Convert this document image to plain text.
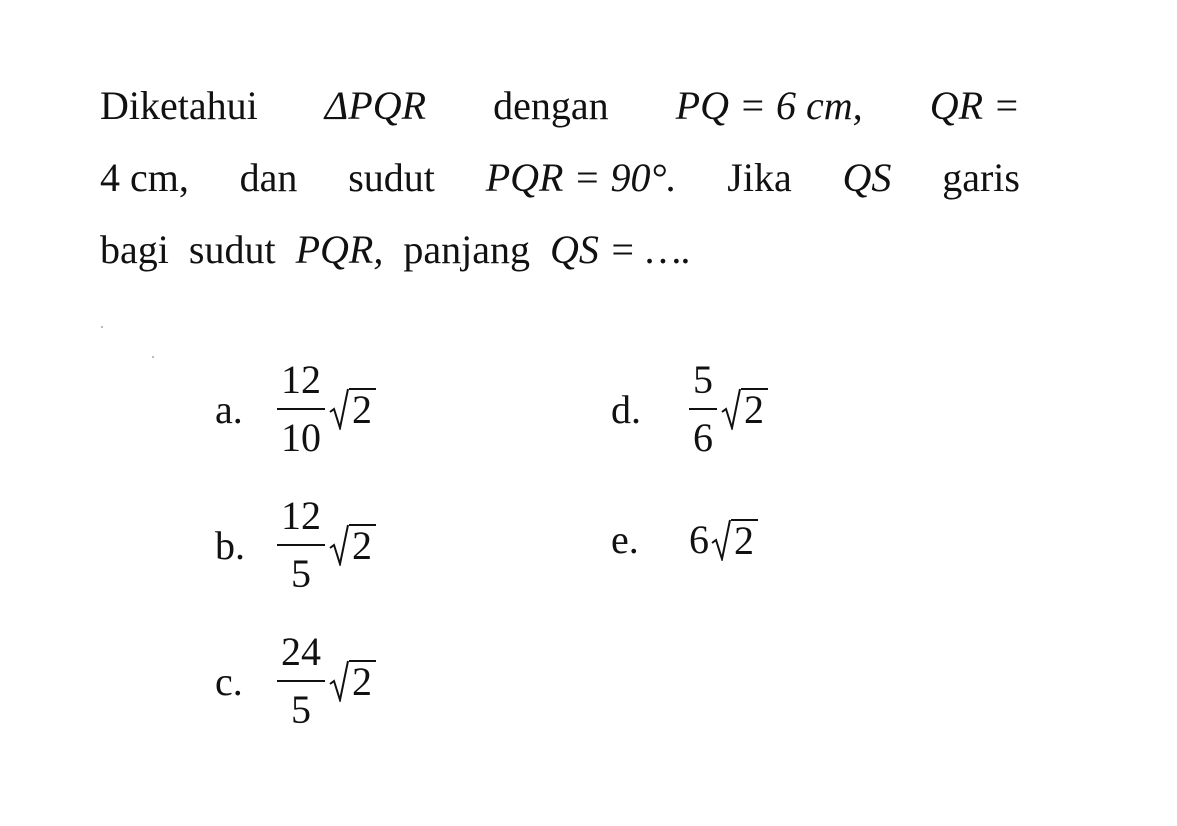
Diketahui ΔPQR dengan PQ = 6 cm, QR =
4 cm, dan sudut PQR = 90°. Jika QS garis
bagi sudut PQR, panjang QS = ….
a. $\frac{12}{10} 2$
b. $\frac{12}{5} 2$
c. $\frac{24}{5} 2$
d.	$\frac{5}{6} 2$
e.	6 2
